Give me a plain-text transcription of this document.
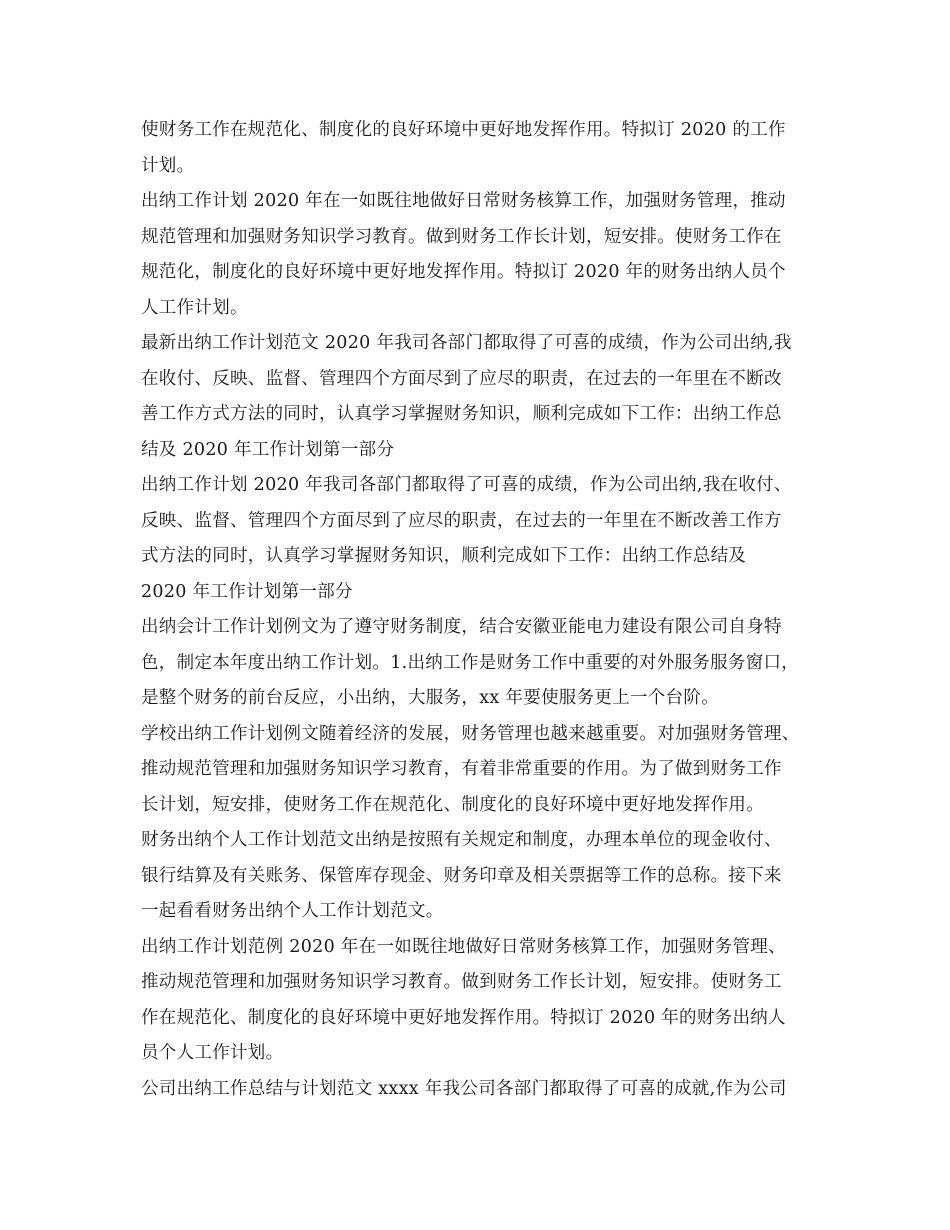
使财务工作在规范化、制度化的良好环境中更好地发挥作用。特拟订 2020 的工作
计划。
出纳工作计划 2020 年在一如既往地做好日常财务核算工作，加强财务管理，推动
规范管理和加强财务知识学习教育。做到财务工作长计划，短安排。使财务工作在
规范化，制度化的良好环境中更好地发挥作用。特拟订 2020 年的财务出纳人员个
人工作计划。
最新出纳工作计划范文 2020 年我司各部门都取得了可喜的成绩，作为公司出纳,我
在收付、反映、监督、管理四个方面尽到了应尽的职责，在过去的一年里在不断改
善工作方式方法的同时，认真学习掌握财务知识，顺利完成如下工作：出纳工作总
结及 2020 年工作计划第一部分
出纳工作计划 2020 年我司各部门都取得了可喜的成绩，作为公司出纳,我在收付、
反映、监督、管理四个方面尽到了应尽的职责，在过去的一年里在不断改善工作方
式方法的同时，认真学习掌握财务知识，顺利完成如下工作：出纳工作总结及
2020 年工作计划第一部分
出纳会计工作计划例文为了遵守财务制度，结合安徽亚能电力建设有限公司自身特
色，制定本年度出纳工作计划。1.出纳工作是财务工作中重要的对外服务服务窗口，
是整个财务的前台反应，小出纳，大服务，xx 年要使服务更上一个台阶。
学校出纳工作计划例文随着经济的发展，财务管理也越来越重要。对加强财务管理、
推动规范管理和加强财务知识学习教育，有着非常重要的作用。为了做到财务工作
长计划，短安排，使财务工作在规范化、制度化的良好环境中更好地发挥作用。
财务出纳个人工作计划范文出纳是按照有关规定和制度，办理本单位的现金收付、
银行结算及有关账务、保管库存现金、财务印章及相关票据等工作的总称。接下来
一起看看财务出纳个人工作计划范文。
出纳工作计划范例 2020 年在一如既往地做好日常财务核算工作，加强财务管理、
推动规范管理和加强财务知识学习教育。做到财务工作长计划，短安排。使财务工
作在规范化、制度化的良好环境中更好地发挥作用。特拟订 2020 年的财务出纳人
员个人工作计划。
公司出纳工作总结与计划范文 xxxx 年我公司各部门都取得了可喜的成就,作为公司
